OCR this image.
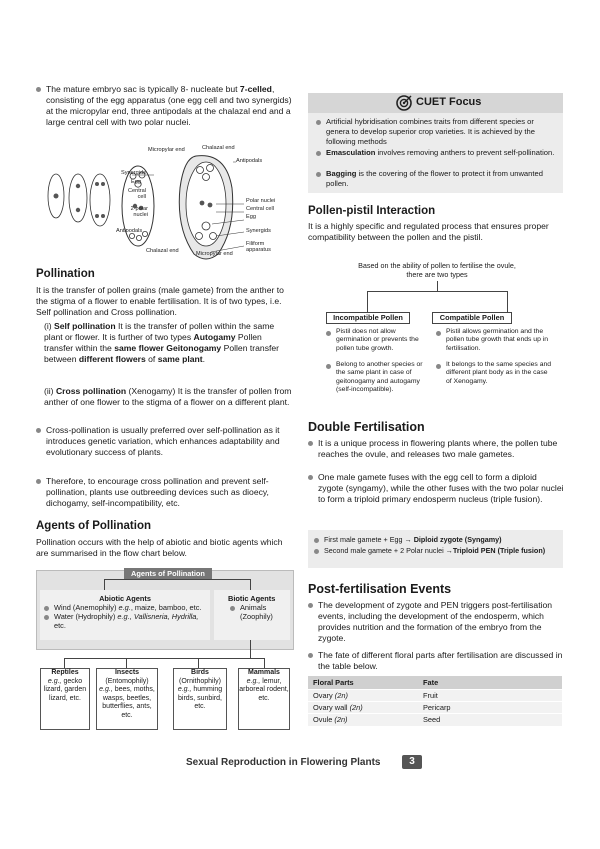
The mature embryo sac is typically 8- nucleate but 7-celled, consisting of the egg apparatus (one egg cell and two synergids) at the micropylar end, three antipodals at the chalazal end and a large central cell with two polar nuclei.
Micropylar end	Chalazal end
Antipodals
Synergids
Egg
Central cell
2-polar nuclei
Antipodals
Polar nuclei
Central cell
Egg
Synergids
Filiform apparatus
Chalazal end	Micropylar end
Pollination
It is the transfer of pollen grains (male gamete) from the anther to the stigma of a flower to enable fertilisation. It is of two types, i.e. Self pollination and Cross pollination.
(i) Self pollination It is the transfer of pollen within the same plant or flower. It is further of two types Autogamy Pollen transfer within the same flower Geitonogamy Pollen transfer between different flowers of same plant.
(ii) Cross pollination (Xenogamy) It is the transfer of pollen from anther of one flower to the stigma of a flower on a different plant.
Cross-pollination is usually preferred over self-pollination as it introduces genetic variation, which enhances adaptability and evolutionary success of plants.
Therefore, to encourage cross pollination and prevent self- pollination, plants use outbreeding devices such as dioecy, dichogamy, self-incompatibility, etc.
Agents of Pollination
Pollination occurs with the help of abiotic and biotic agents which are summarised in the flow chart below.
Agents of Pollination
Abiotic Agents
Wind (Anemophily) e.g., maize, bamboo, etc.
Water (Hydrophily) e.g., Vallisneria, Hydrilla, etc.
Biotic Agents
Animals
(Zoophily)
Reptiles
e.g., gecko lizard, garden lizard, etc.
Insects
(Entomophily)
e.g., bees, moths, wasps, beetles, butterflies, ants, etc.
Birds
(Ornithophily)
e.g., humming birds, sunbird, etc.
Mammals
e.g., lemur, arboreal rodent, etc.
CUET Focus
Artificial hybridisation combines traits from different species or genera to develop superior crop varieties. It is achieved by the following methods
Emasculation involves removing anthers to prevent self-pollination.
Bagging is the covering of the flower to protect it from unwanted pollen.
Pollen-pistil Interaction
It is a highly specific and regulated process that ensures proper compatibility between the pollen and the pistil.
Based on the ability of pollen to fertilise the ovule, there are two types
Incompatible Pollen	Compatible Pollen
Pistil does not allow germination or prevents the pollen tube growth.
Belong to another species or the same plant in case of geitonogamy and autogamy (self-incompatible).
Pistil allows germination and the pollen tube growth that ends up in fertilisation.
It belongs to the same species and different plant body as in the case of Xenogamy.
Double Fertilisation
It is a unique process in flowering plants where, the pollen tube reaches the ovule, and releases two male gametes.
One male gamete fuses with the egg cell to form a diploid zygote (syngamy), while the other fuses with the two polar nuclei to form a triploid primary endosperm nucleus (triple fusion).
First male gamete + Egg → Diploid zygote (Syngamy)
Second male gamete + 2 Polar nuclei →Triploid PEN (Triple fusion)
Post-fertilisation Events
The development of zygote and PEN triggers post-fertilisation events, including the development of the endosperm, which provides nutrition and the formation of the embryo from the zygote.
The fate of different floral parts after fertilisation are discussed in the table below.
Floral Parts	Fate
Ovary (2n)	Fruit
Ovary wall (2n)	Pericarp
Ovule (2n)	Seed
Sexual Reproduction in Flowering Plants	3
